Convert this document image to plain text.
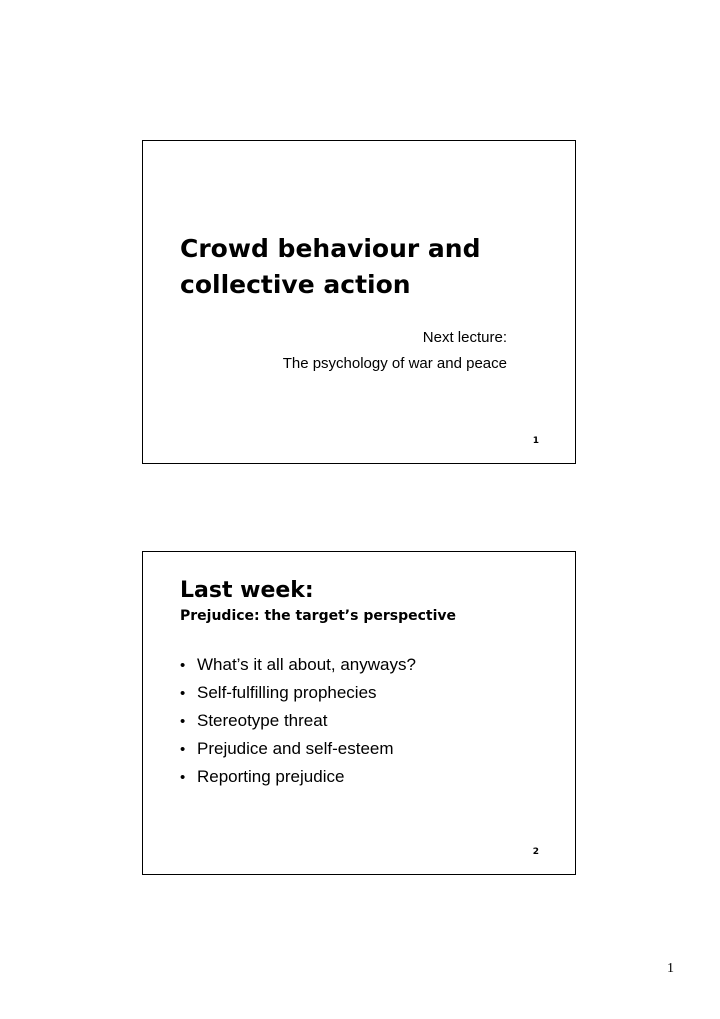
Crowd behaviour and
collective action
Next lecture:
The psychology of war and peace
1
Last week:
Prejudice: the target’s perspective
• What’s it all about, anyways?
• Self-fulfilling prophecies
• Stereotype threat
• Prejudice and self-esteem
• Reporting prejudice
2
1
